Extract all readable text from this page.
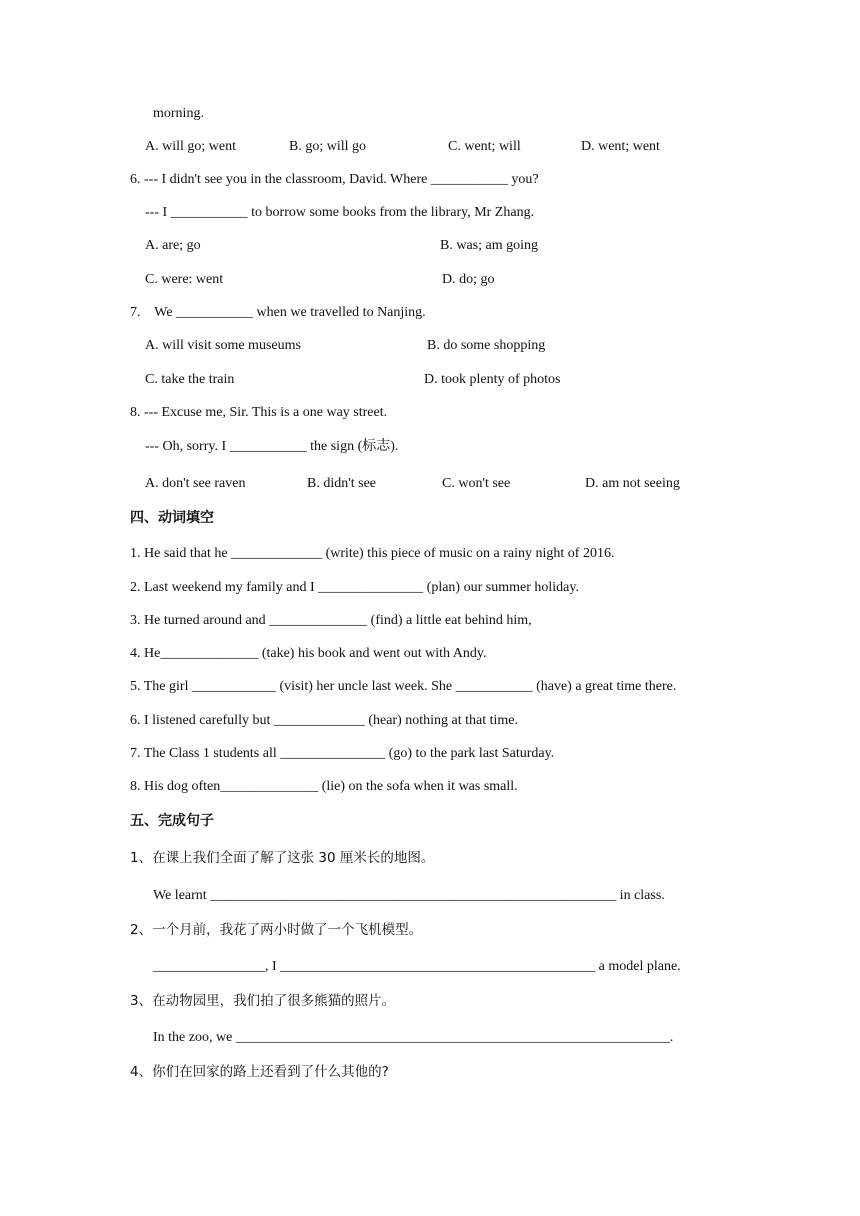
morning.
A. will go; went	B. go; will go	C. went; will	D. went; went
6. --- I didn't see you in the classroom, David. Where ___________ you?
--- I ___________ to borrow some books from the library, Mr Zhang.
A. are; go	B. was; am going
C. were: went	D. do; go
7.    We ___________ when we travelled to Nanjing.
A. will visit some museums	B. do some shopping
C. take the train	D. took plenty of photos
8. --- Excuse me, Sir. This is a one way street.
--- Oh, sorry. I ___________ the sign (标志).
A. don't see raven	B. didn't see	C. won't see	D. am not seeing
四、动词填空
1. He said that he _____________ (write) this piece of music on a rainy night of 2016.
2. Last weekend my family and I _______________ (plan) our summer holiday.
3. He turned around and ______________ (find) a little eat behind him,
4. He______________ (take) his book and went out with Andy.
5. The girl ____________ (visit) her uncle last week. She ___________ (have) a great time there.
6. I listened carefully but _____________ (hear) nothing at that time.
7. The Class 1 students all _______________ (go) to the park last Saturday.
8. His dog often______________ (lie) on the sofa when it was small.
五、完成句子
1、在课上我们全面了解了这张 30 厘米长的地图。
We learnt __________________________________________________________ in class.
2、一个月前，我花了两小时做了一个飞机模型。
________________, I _____________________________________________ a model plane.
3、在动物园里，我们拍了很多熊猫的照片。
In the zoo, we ______________________________________________________________.
4、你们在回家的路上还看到了什么其他的?
